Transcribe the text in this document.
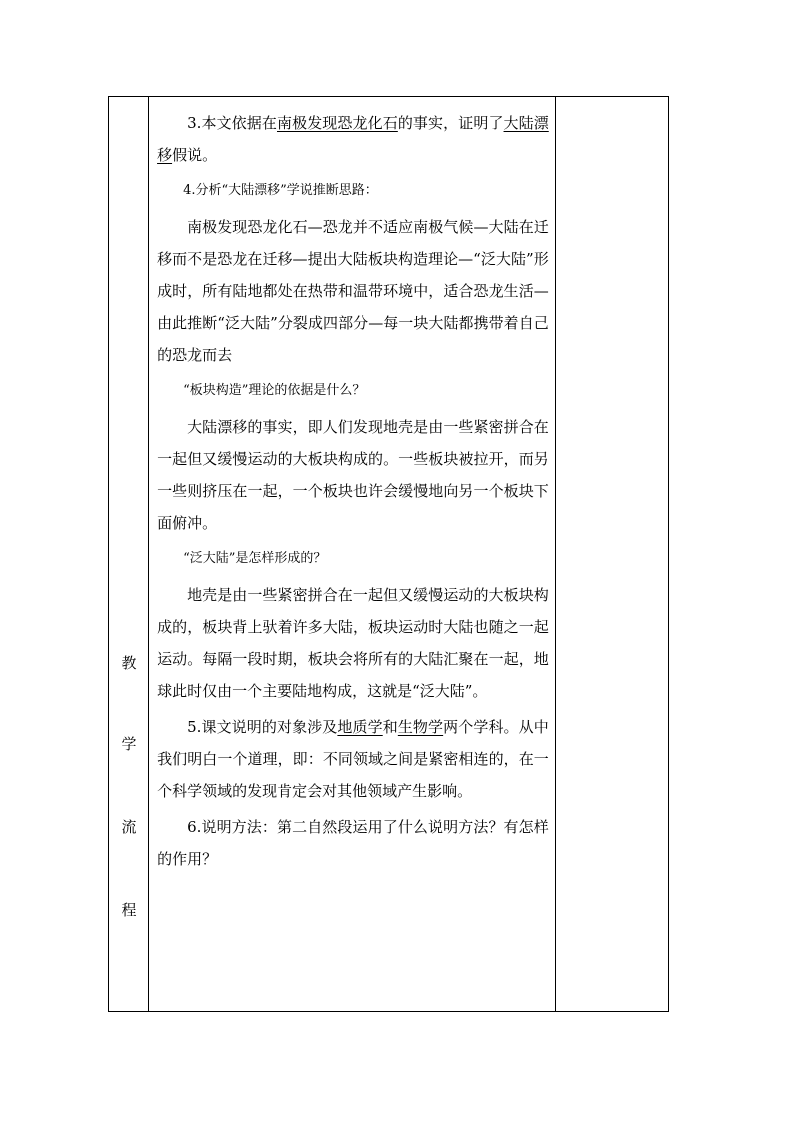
教
学
流
程

3.本文依据在南极发现恐龙化石的事实，证明了大陆漂移假说。

4.分析“大陆漂移”学说推断思路：

南极发现恐龙化石—恐龙并不适应南极气候—大陆在迁移而不是恐龙在迁移—提出大陆板块构造理论—“泛大陆”形成时，所有陆地都处在热带和温带环境中，适合恐龙生活—由此推断“泛大陆”分裂成四部分—每一块大陆都携带着自己的恐龙而去

“板块构造”理论的依据是什么？

大陆漂移的事实，即人们发现地壳是由一些紧密拼合在一起但又缓慢运动的大板块构成的。一些板块被拉开，而另一些则挤压在一起，一个板块也许会缓慢地向另一个板块下面俯冲。

“泛大陆”是怎样形成的？

地壳是由一些紧密拼合在一起但又缓慢运动的大板块构成的，板块背上驮着许多大陆，板块运动时大陆也随之一起运动。每隔一段时期，板块会将所有的大陆汇聚在一起，地球此时仅由一个主要陆地构成，这就是“泛大陆”。

5.课文说明的对象涉及地质学和生物学两个学科。从中我们明白一个道理，即：不同领域之间是紧密相连的，在一个科学领域的发现肯定会对其他领域产生影响。

6.说明方法：第二自然段运用了什么说明方法？有怎样的作用？
